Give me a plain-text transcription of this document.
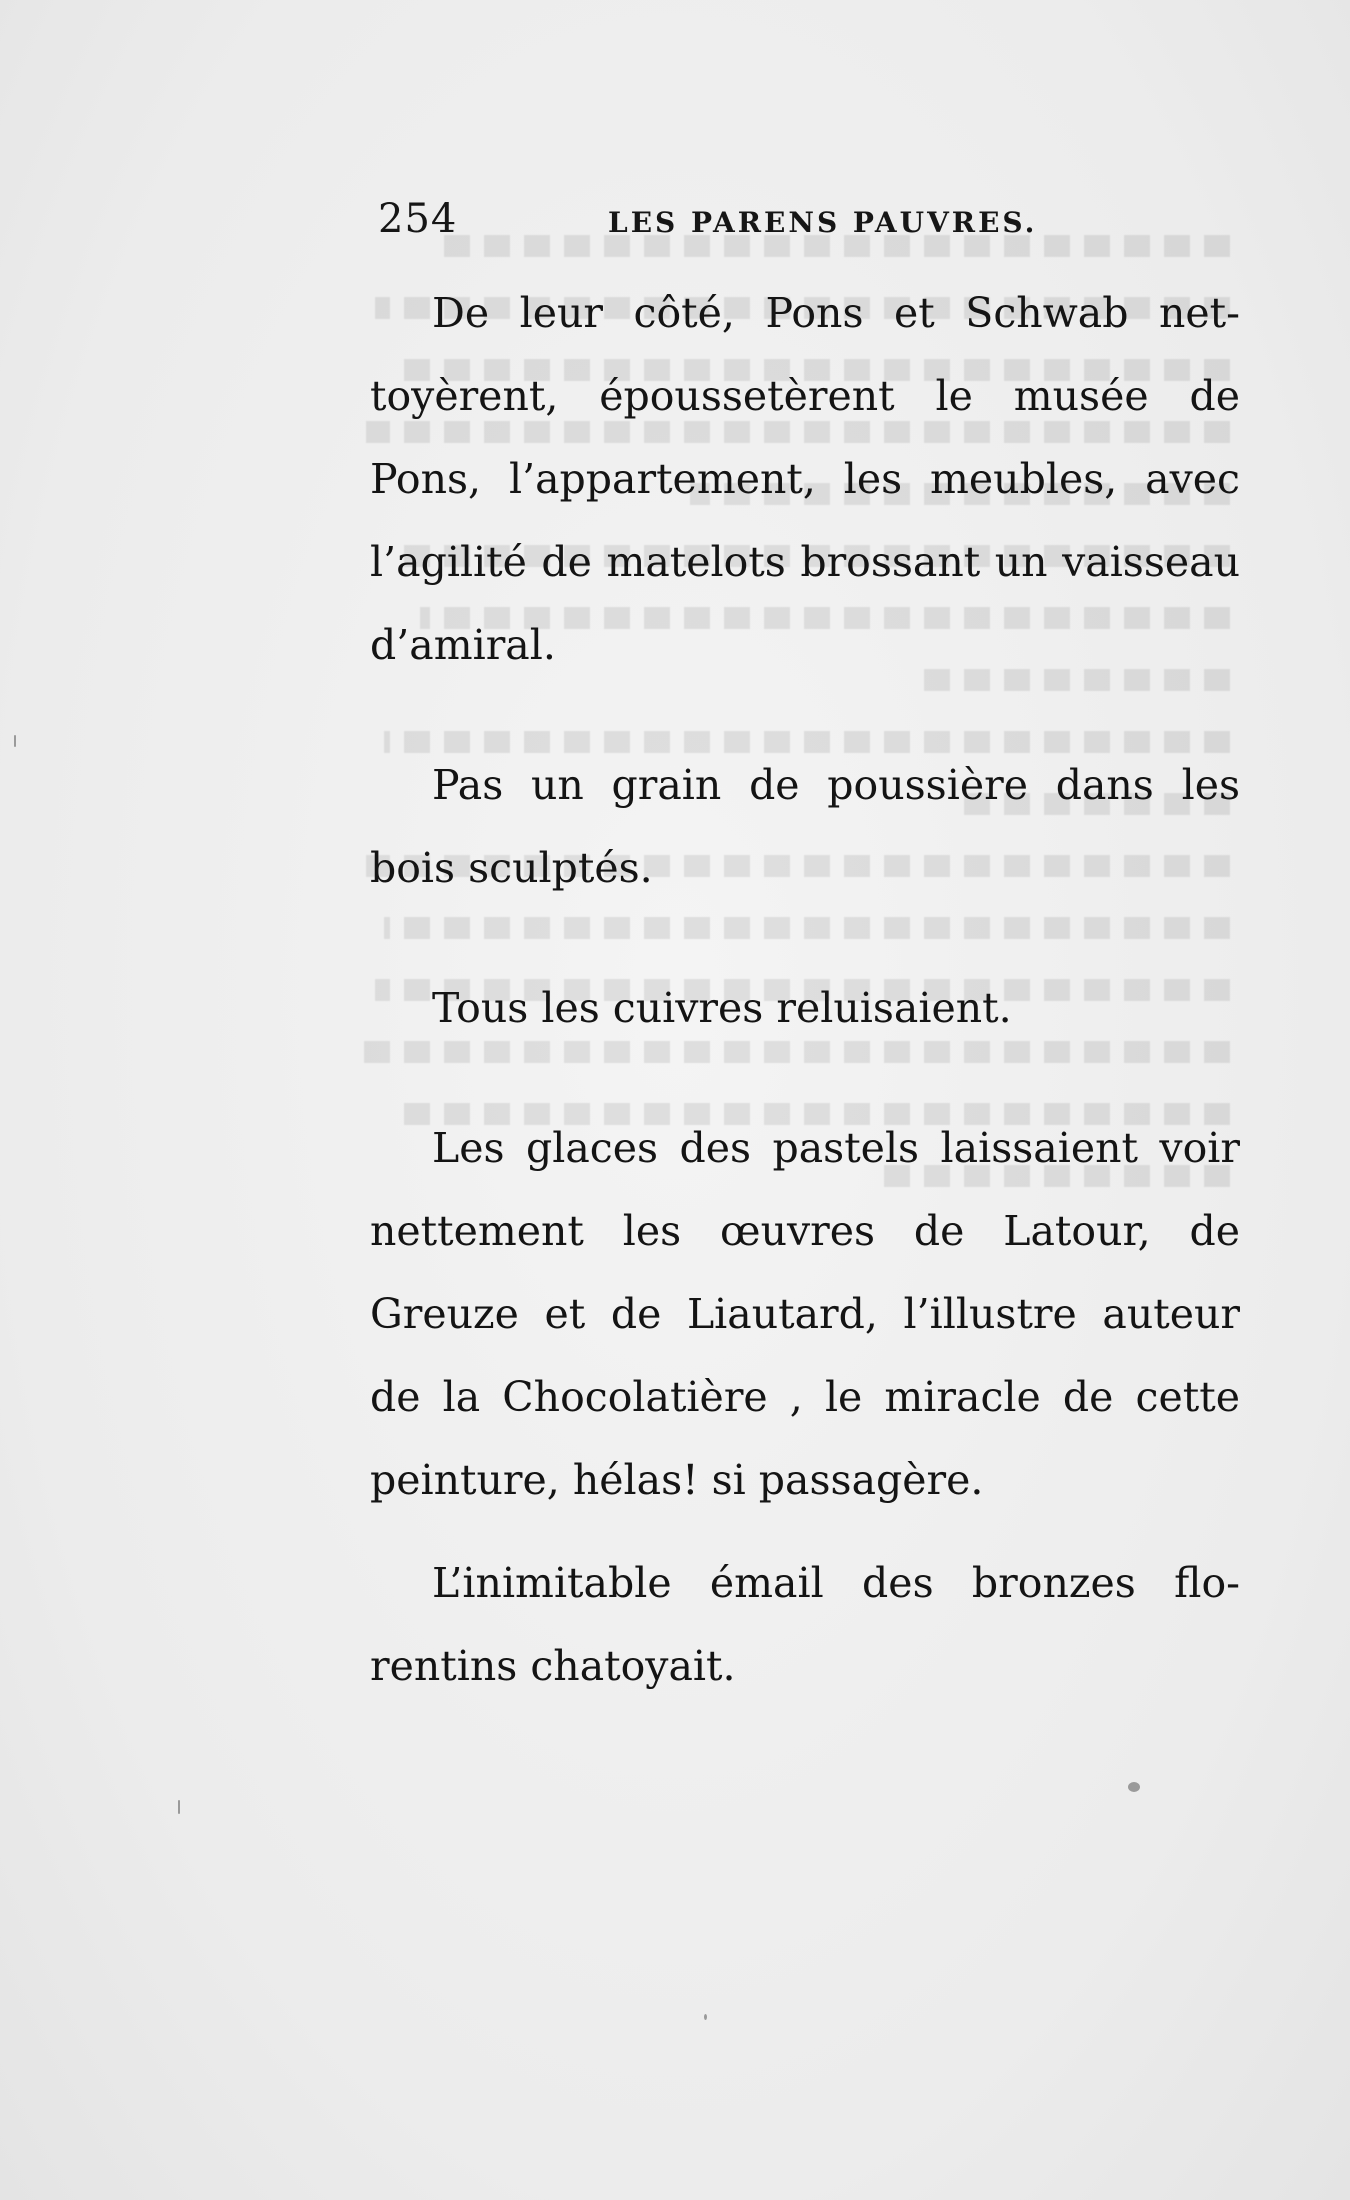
254	LES PARENS PAUVRES.

De leur côté, Pons et Schwab nettoyèrent, époussetèrent le musée de Pons, l’appartement, les meubles, avec l’agilité de matelots brossant un vaisseau d’amiral.

Pas un grain de poussière dans les bois sculptés.

Tous les cuivres reluisaient.

Les glaces des pastels laissaient voir nettement les œuvres de Latour, de Greuze et de Liautard, l’illustre auteur de la Chocolatière , le miracle de cette peinture, hélas! si passagère.

L’inimitable émail des bronzes florentins chatoyait.
